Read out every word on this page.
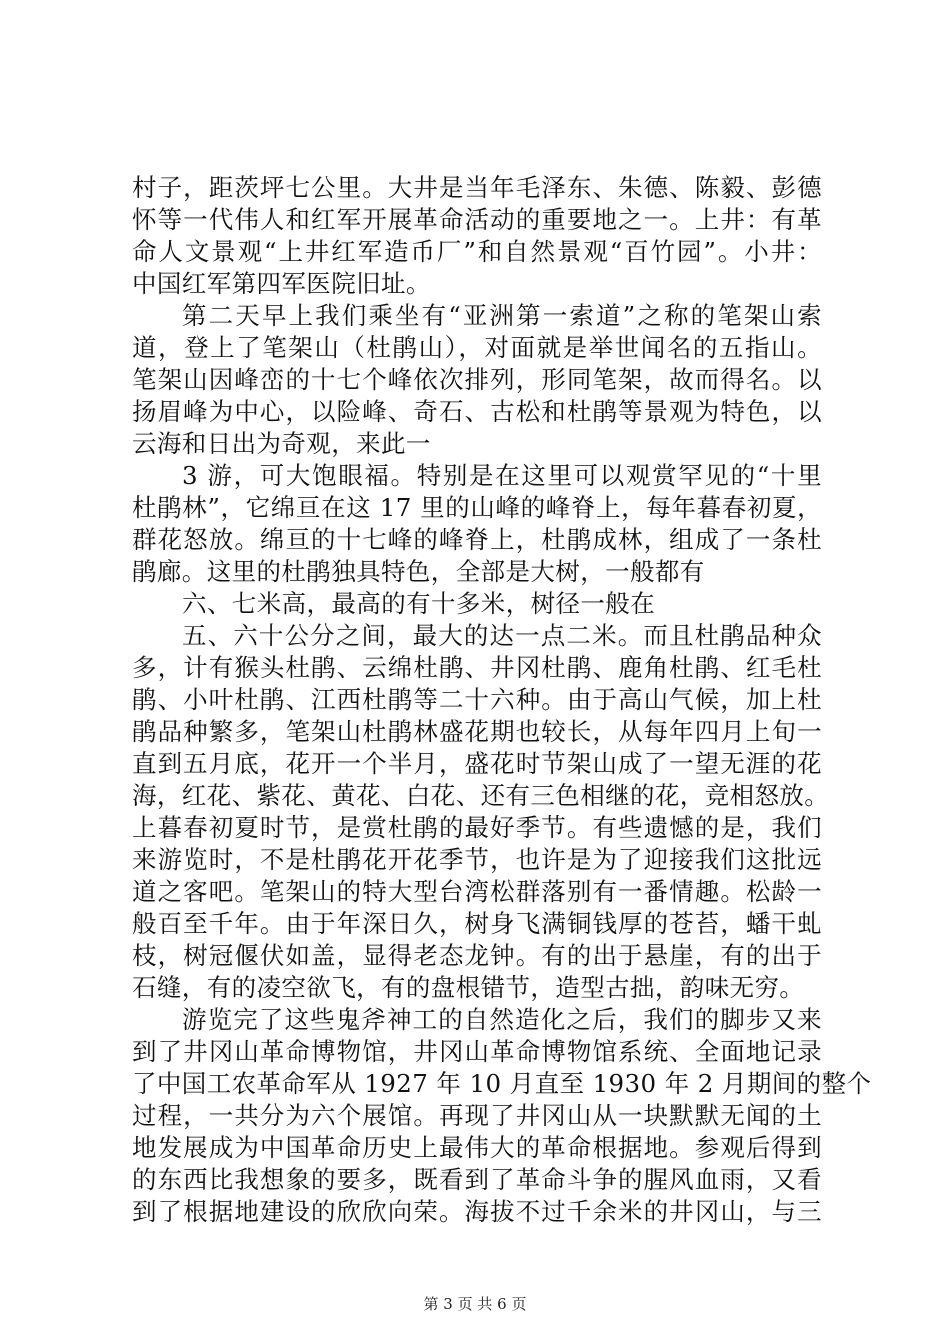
村子，距茨坪七公里。大井是当年毛泽东、朱德、陈毅、彭德
怀等一代伟人和红军开展革命活动的重要地之一。上井：有革
命人文景观“上井红军造币厂”和自然景观“百竹园”。小井：
中国红军第四军医院旧址。
第二天早上我们乘坐有“亚洲第一索道”之称的笔架山索
道，登上了笔架山（杜鹃山），对面就是举世闻名的五指山。
笔架山因峰峦的十七个峰依次排列，形同笔架，故而得名。以
扬眉峰为中心，以险峰、奇石、古松和杜鹃等景观为特色，以
云海和日出为奇观，来此一
3 游，可大饱眼福。特别是在这里可以观赏罕见的“十里
杜鹃林”，它绵亘在这 17 里的山峰的峰脊上，每年暮春初夏，
群花怒放。绵亘的十七峰的峰脊上，杜鹃成林，组成了一条杜
鹃廊。这里的杜鹃独具特色，全部是大树，一般都有
六、七米高，最高的有十多米，树径一般在
五、六十公分之间，最大的达一点二米。而且杜鹃品种众
多，计有猴头杜鹃、云绵杜鹃、井冈杜鹃、鹿角杜鹃、红毛杜
鹃、小叶杜鹃、江西杜鹃等二十六种。由于高山气候，加上杜
鹃品种繁多，笔架山杜鹃林盛花期也较长，从每年四月上旬一
直到五月底，花开一个半月，盛花时节架山成了一望无涯的花
海，红花、紫花、黄花、白花、还有三色相继的花，竞相怒放。
上暮春初夏时节，是赏杜鹃的最好季节。有些遗憾的是，我们
来游览时，不是杜鹃花开花季节，也许是为了迎接我们这批远
道之客吧。笔架山的特大型台湾松群落别有一番情趣。松龄一
般百至千年。由于年深日久，树身飞满铜钱厚的苍苔，蟠干虬
枝，树冠偃伏如盖，显得老态龙钟。有的出于悬崖，有的出于
石缝，有的凌空欲飞，有的盘根错节，造型古拙，韵味无穷。
游览完了这些鬼斧神工的自然造化之后，我们的脚步又来
到了井冈山革命博物馆，井冈山革命博物馆系统、全面地记录
了中国工农革命军从 1927 年 10 月直至 1930 年 2 月期间的整个
过程，一共分为六个展馆。再现了井冈山从一块默默无闻的土
地发展成为中国革命历史上最伟大的革命根据地。参观后得到
的东西比我想象的要多，既看到了革命斗争的腥风血雨，又看
到了根据地建设的欣欣向荣。海拔不过千余米的井冈山，与三
第 3 页 共 6 页
